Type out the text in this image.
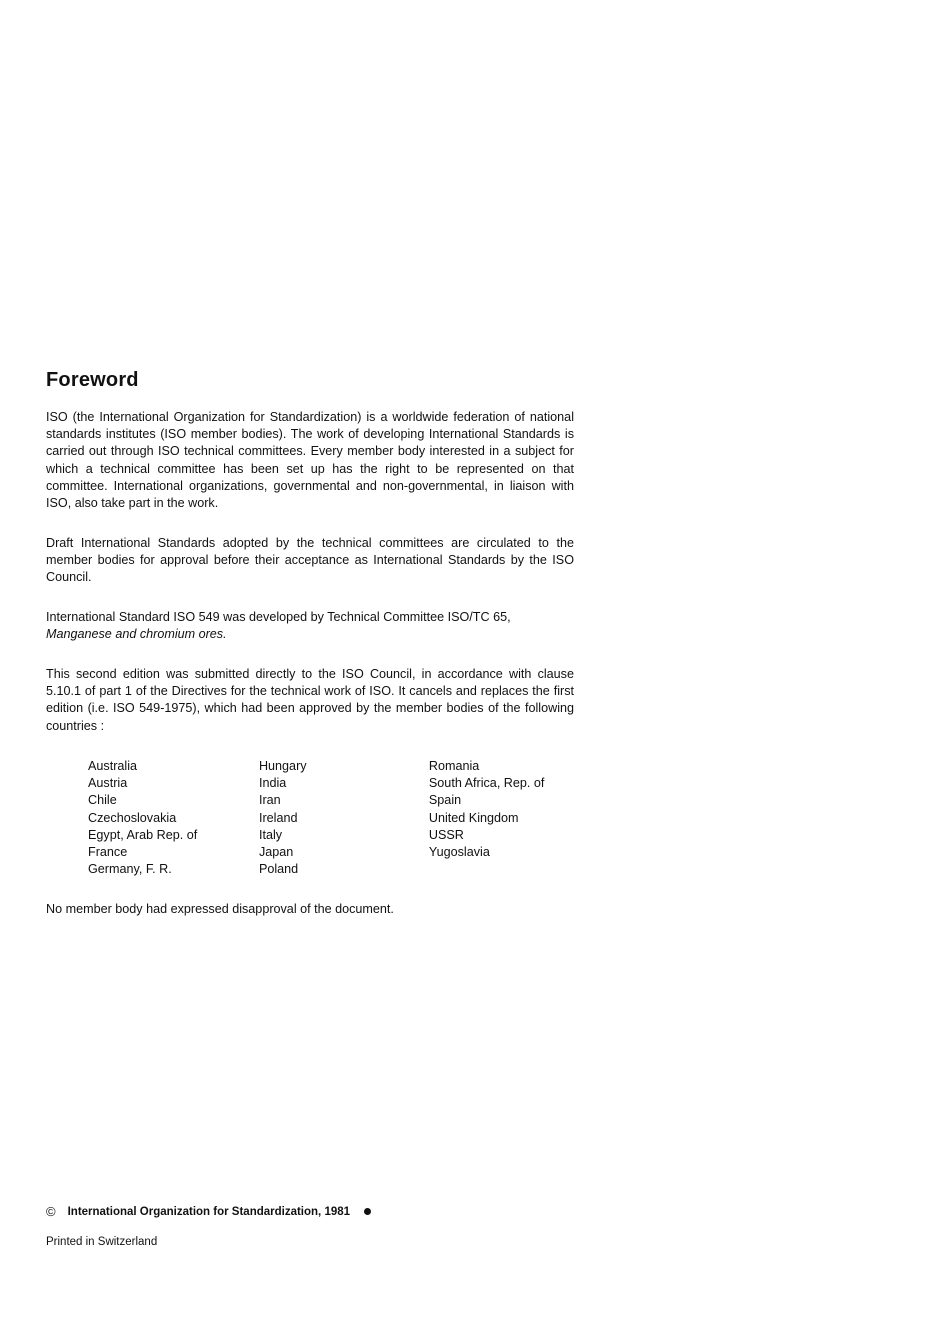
Foreword

ISO (the International Organization for Standardization) is a worldwide federation of national standards institutes (ISO member bodies). The work of developing International Standards is carried out through ISO technical committees. Every member body interested in a subject for which a technical committee has been set up has the right to be represented on that committee. International organizations, governmental and non-governmental, in liaison with ISO, also take part in the work.

Draft International Standards adopted by the technical committees are circulated to the member bodies for approval before their acceptance as International Standards by the ISO Council.

International Standard ISO 549 was developed by Technical Committee ISO/TC 65,
Manganese and chromium ores.

This second edition was submitted directly to the ISO Council, in accordance with clause 5.10.1 of part 1 of the Directives for the technical work of ISO. It cancels and replaces the first edition (i.e. ISO 549-1975), which had been approved by the member bodies of the following countries :

Australia
Austria
Chile
Czechoslovakia
Egypt, Arab Rep. of
France
Germany, F. R.
Hungary
India
Iran
Ireland
Italy
Japan
Poland
Romania
South Africa, Rep. of
Spain
United Kingdom
USSR
Yugoslavia

No member body had expressed disapproval of the document.

© International Organization for Standardization, 1981

Printed in Switzerland
